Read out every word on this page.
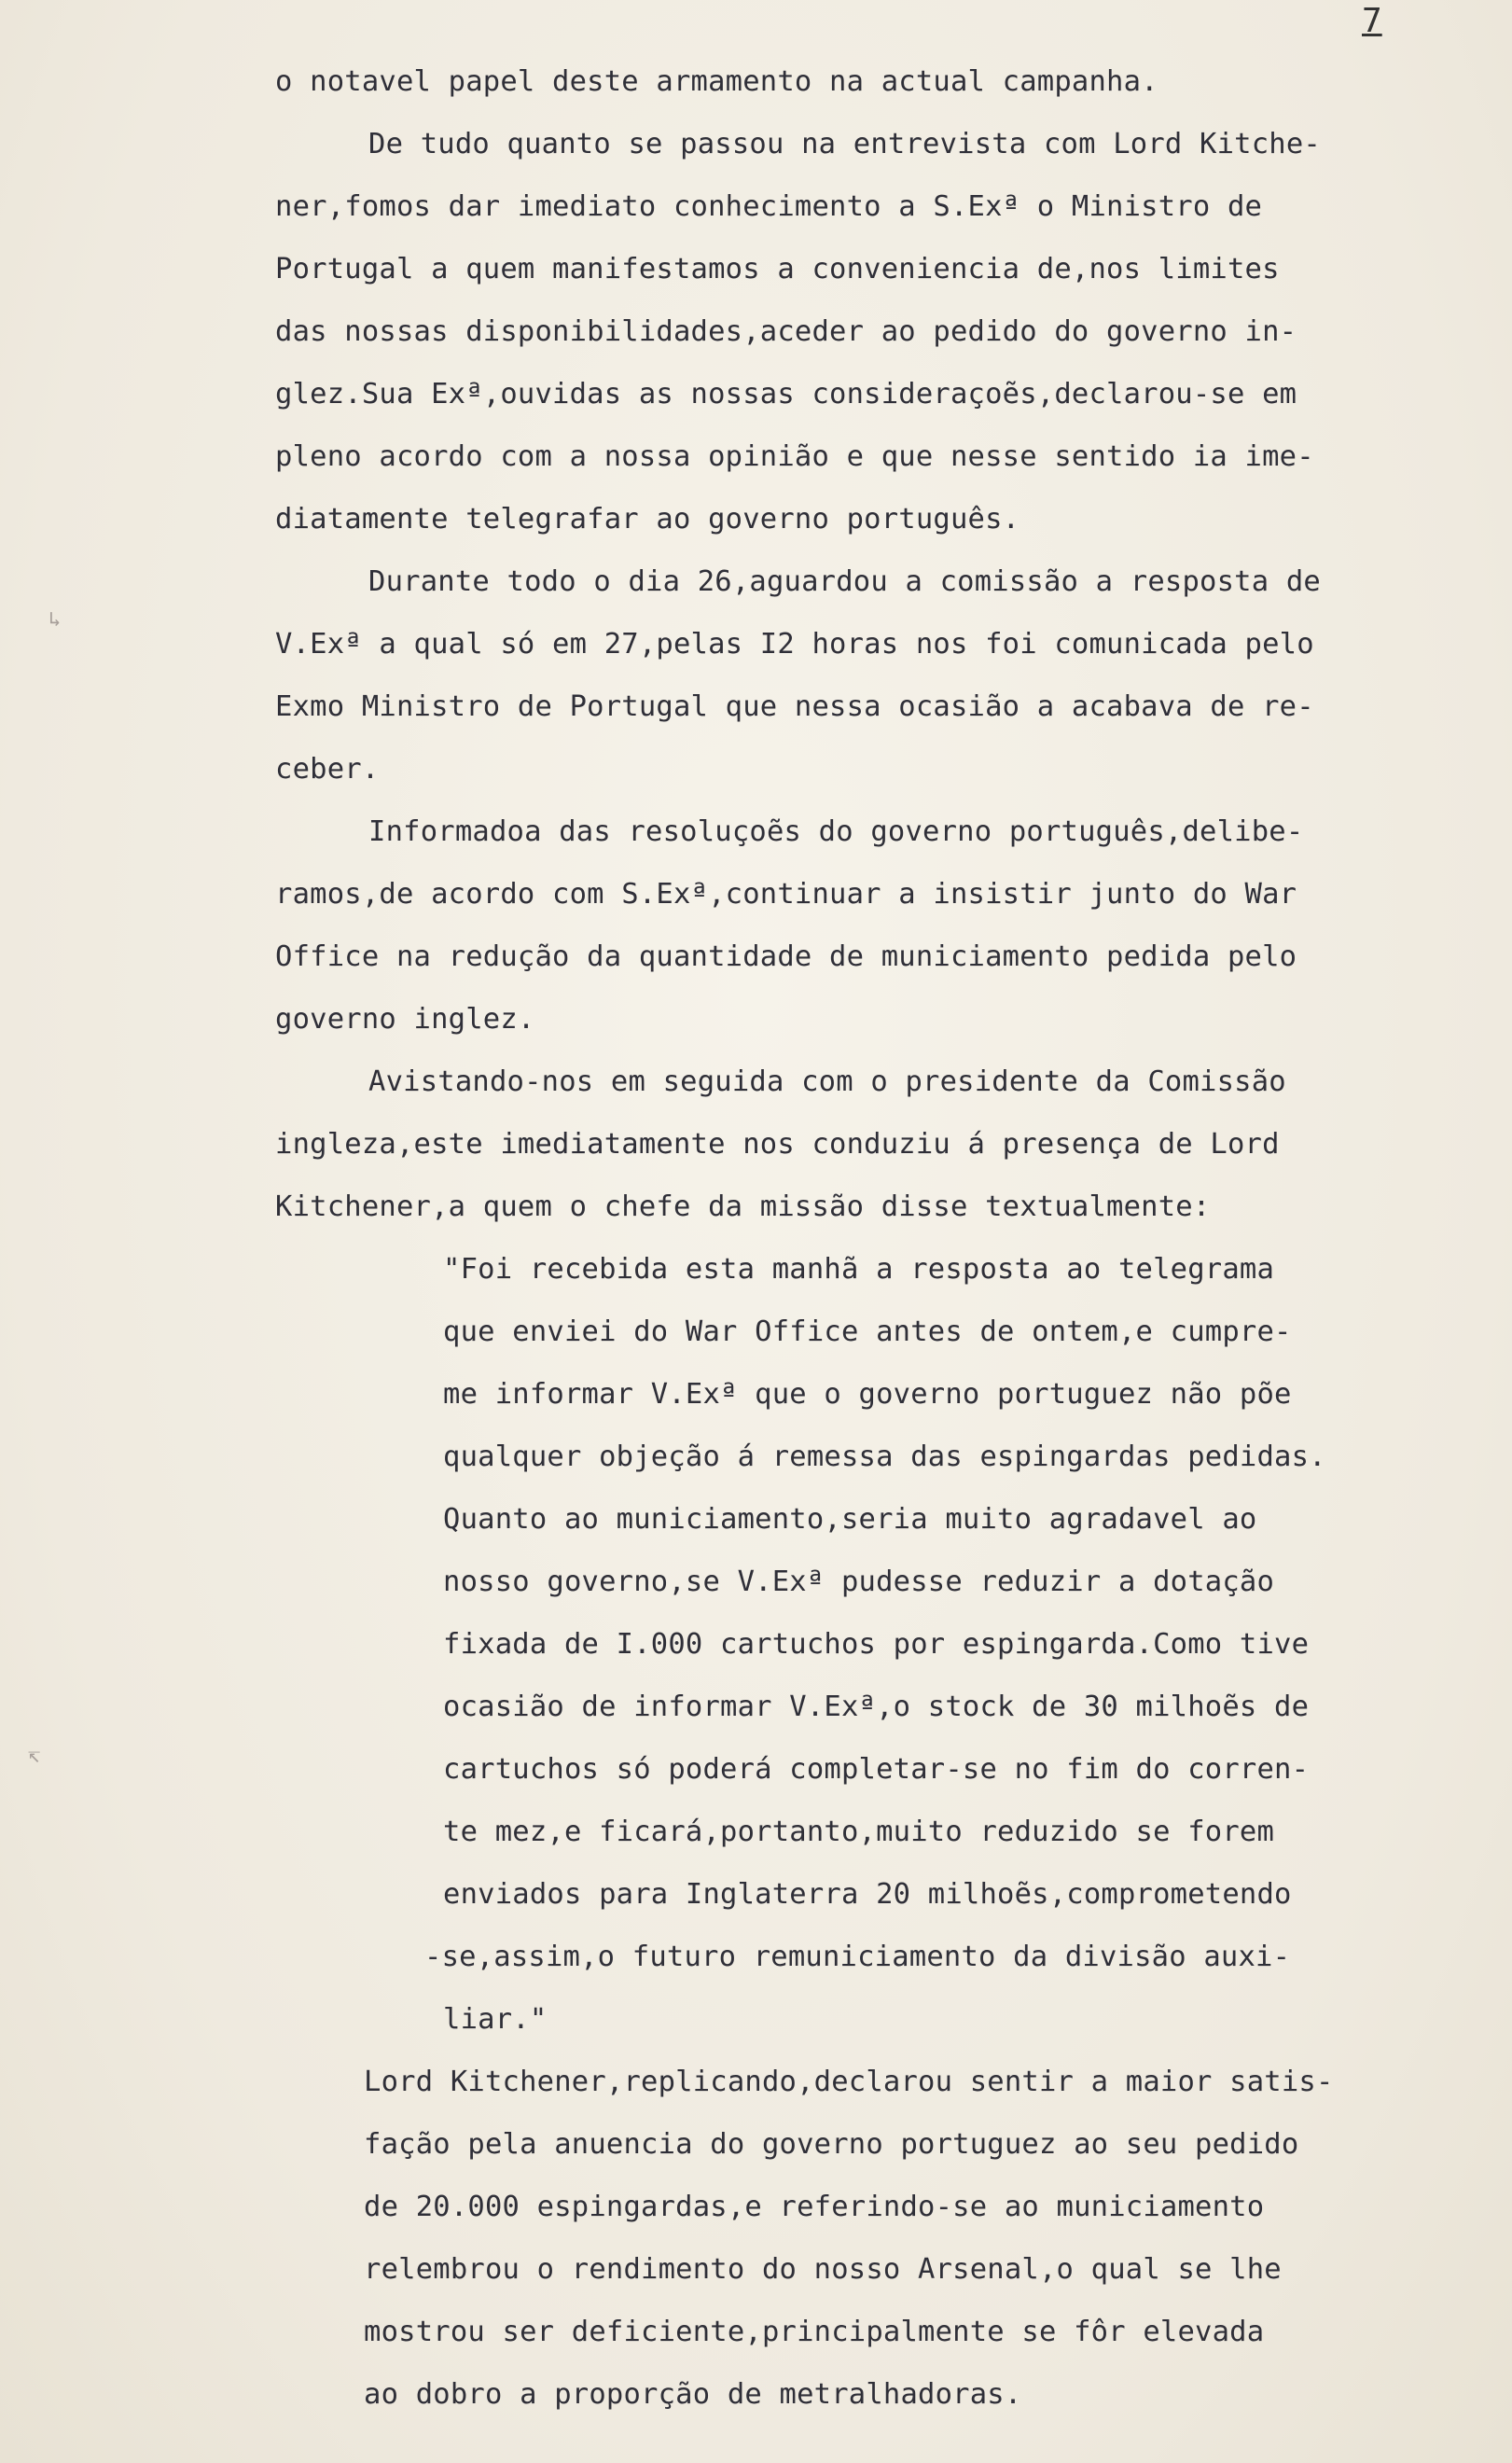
7
↳
↸
o notavel papel deste armamento na actual campanha.
De tudo quanto se passou na entrevista com Lord Kitche-
ner,fomos dar imediato conhecimento a S.Exª o Ministro de
Portugal a quem manifestamos a conveniencia de,nos limites
das nossas disponibilidades,aceder ao pedido do governo in-
glez.Sua Exª,ouvidas as nossas consideraçoẽs,declarou-se em
pleno acordo com a nossa opinião e que nesse sentido ia ime-
diatamente telegrafar ao governo português.
Durante todo o dia 26,aguardou a comissão a resposta de
V.Exª a qual só em 27,pelas I2 horas nos foi comunicada pelo
Exmo Ministro de Portugal que nessa ocasião a acabava de re-
ceber.
Informadoa das resoluçoẽs do governo português,delibe-
ramos,de acordo com S.Exª,continuar a insistir junto do War
Office na redução da quantidade de municiamento pedida pelo
governo inglez.
Avistando-nos em seguida com o presidente da Comissão
ingleza,este imediatamente nos conduziu á presença de Lord
Kitchener,a quem o chefe da missão disse textualmente:
"Foi recebida esta manhã a resposta ao telegrama
que enviei do War Office antes de ontem,e cumpre-
me informar V.Exª que o governo portuguez não põe
qualquer objeção á remessa das espingardas pedidas.
Quanto ao municiamento,seria muito agradavel ao
nosso governo,se V.Exª pudesse reduzir a dotação
fixada de I.000 cartuchos por espingarda.Como tive
ocasião de informar V.Exª,o stock de 30 milhoẽs de
cartuchos só poderá completar-se no fim do corren-
te mez,e ficará,portanto,muito reduzido se forem
enviados para Inglaterra 20 milhoẽs,comprometendo
-se,assim,o futuro remuniciamento da divisão auxi-
liar."
Lord Kitchener,replicando,declarou sentir a maior satis-
fação pela anuencia do governo portuguez ao seu pedido
de 20.000 espingardas,e referindo-se ao municiamento
relembrou o rendimento do nosso Arsenal,o qual se lhe
mostrou ser deficiente,principalmente se fôr elevada
ao dobro a proporção de metralhadoras.
